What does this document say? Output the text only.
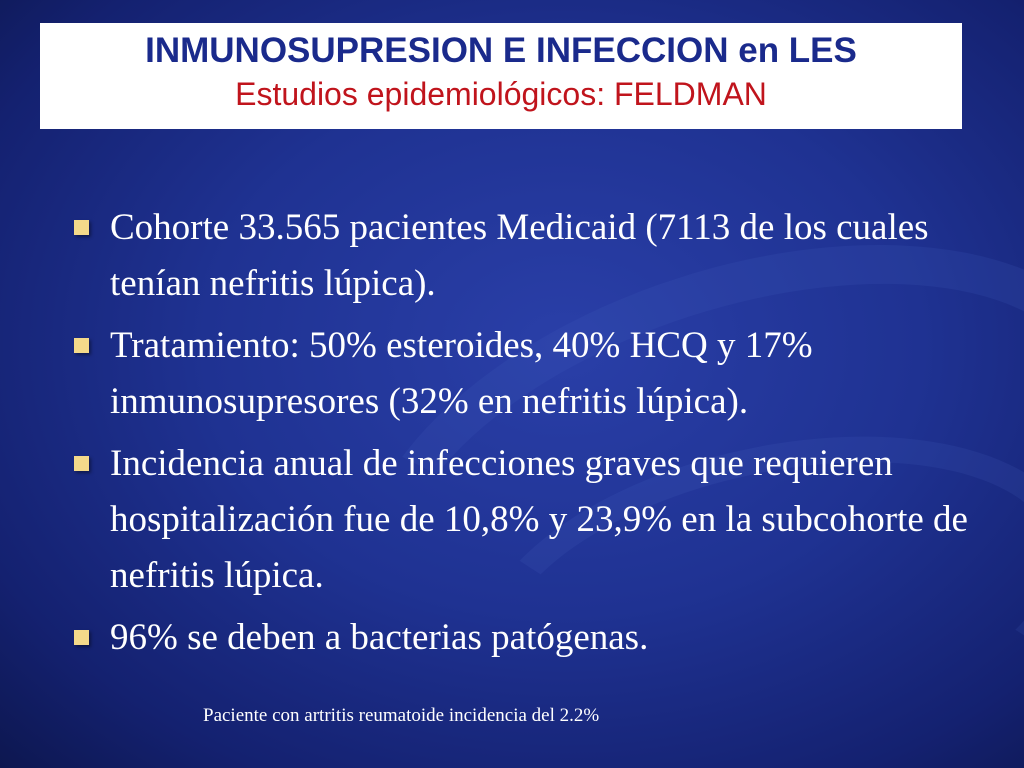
INMUNOSUPRESION E INFECCION en LES
Estudios epidemiológicos: FELDMAN
Cohorte 33.565 pacientes Medicaid (7113 de los cuales tenían nefritis lúpica).
Tratamiento: 50% esteroides, 40% HCQ y 17% inmunosupresores (32% en nefritis lúpica).
Incidencia anual de infecciones graves que requieren hospitalización fue de 10,8% y 23,9% en la subcohorte de nefritis lúpica.
96% se deben a bacterias patógenas.
Paciente con artritis reumatoide incidencia del 2.2%
